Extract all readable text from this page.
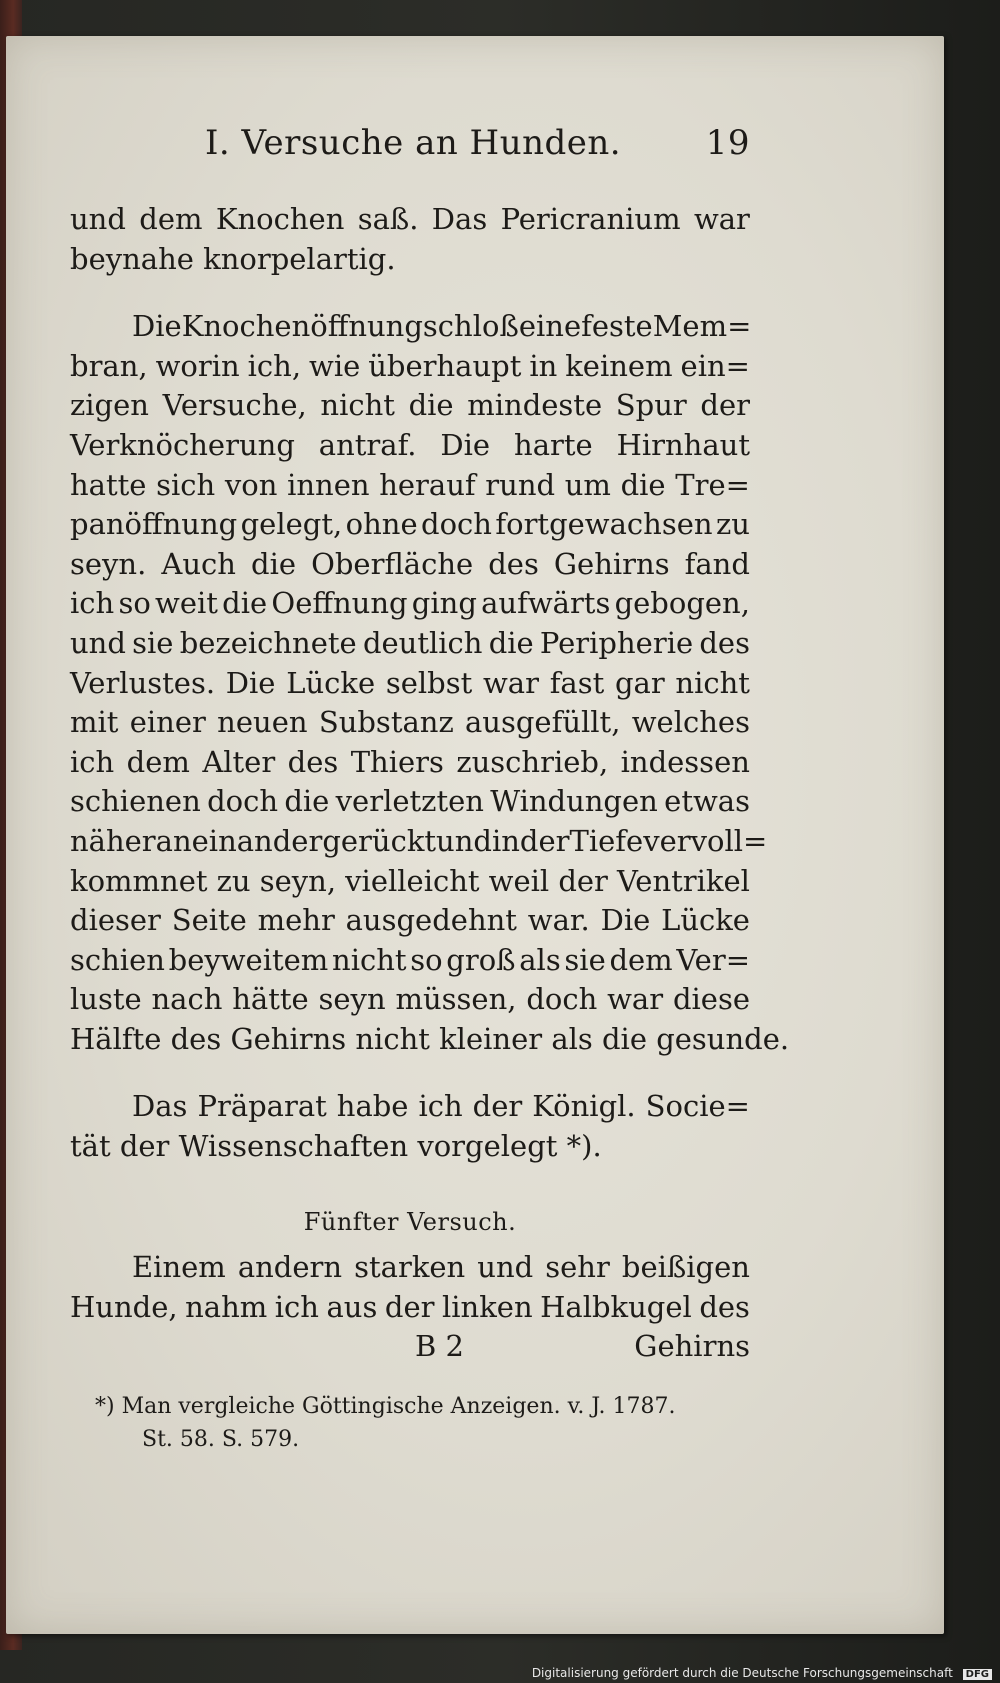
I. Versuche an Hunden. 19
und dem Knochen saß. Das Pericranium war
beynahe knorpelartig.
Die Knochenöffnung schloß eine feste Mem=
bran, worin ich, wie überhaupt in keinem ein=
zigen Versuche, nicht die mindeste Spur der
Verknöcherung antraf. Die harte Hirnhaut
hatte sich von innen herauf rund um die Tre=
panöffnung gelegt, ohne doch fortgewachsen zu
seyn. Auch die Oberfläche des Gehirns fand
ich so weit die Oeffnung ging aufwärts gebogen,
und sie bezeichnete deutlich die Peripherie des
Verlustes. Die Lücke selbst war fast gar nicht
mit einer neuen Substanz ausgefüllt, welches
ich dem Alter des Thiers zuschrieb, indessen
schienen doch die verletzten Windungen etwas
näher aneinander gerückt und in der Tiefe vervoll=
kommnet zu seyn, vielleicht weil der Ventrikel
dieser Seite mehr ausgedehnt war. Die Lücke
schien beyweitem nicht so groß als sie dem Ver=
luste nach hätte seyn müssen, doch war diese
Hälfte des Gehirns nicht kleiner als die gesunde.
Das Präparat habe ich der Königl. Socie=
tät der Wissenschaften vorgelegt *).
Fünfter Versuch.
Einem andern starken und sehr beißigen
Hunde, nahm ich aus der linken Halbkugel des
B 2	Gehirns
*) Man vergleiche Göttingische Anzeigen. v. J. 1787.
St. 58. S. 579.
Digitalisierung gefördert durch die Deutsche Forschungsgemeinschaft DFG
